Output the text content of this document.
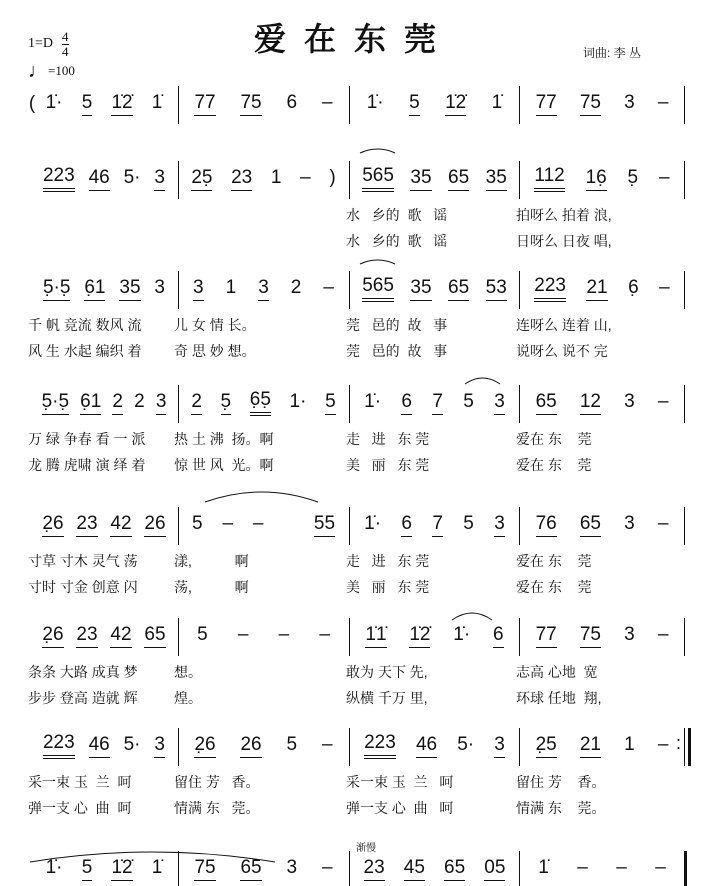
爱在东莞
$1=D \frac{4}{4}$
♩=100
词曲: 李 丛
( 1̇· 5 1̇2̇ 1̇ 77 75 6 – 1̇· 5 1̇2̇ 1̇ 77 75 3 –
223 46 5· 3 25̣ 23 1 – ) 565 35 65 35 112 16̣ 5̣ –
水   乡的  歌   谣	拍呀么 拍着 浪,
水   乡的  歌   谣	日呀么 日夜 唱,
5̣·5̣ 6̣1 35 3 3 1 3 2 – 565 35 65 53 223 21 6̣ –
千 帆 竞流 数风 流 儿 女 情 长。	莞   邑的  故   事	连呀么 连着 山,
风 生 水起 编织 着 奇 思 妙 想。	莞   邑的  故   事	说呀么 说不 完
5̣·5̣ 6̣1 2 2 3 2 5̣ 6̣5̣ 1· 5 1̇· 6 7 5 3 65 12 3 –
万 绿 争春 看 一 派 热 土 沸  扬。啊	走   进   东 莞	爱在 东    莞
龙 腾 虎啸 演 绎 着 惊 世 风  光。啊	美   丽   东 莞	爱在 东    莞
2̣6 23 42 26 5 – –
	55 1̇· 6 7 5 3 76 65 3 –
寸草 寸木 灵气 荡	漾,           啊	走   进   东 莞	爱在 东    莞
寸时 寸金 创意 闪	荡,           啊	美   丽   东 莞	爱在 东    莞
2̣6 23 42 65 5 – – – 1̇1̇ 1̇2̇ 1̇· 6 77 75 3 –
条条 大路 成真 梦	想。	敢为 天下 先,	志高 心地  宽
步步 登高 造就 辉	煌。	纵横 千万 里,	环球 任地  翔,
223 46 5· 3 2̣6 26 5 – 223 46 5· 3 2̣5 21 1 – :
采一束 玉  兰  呵	留住 芳   香。	采一束 玉  兰   呵	留住 芳    香。
弹一支 心  曲  呵	情满 东   莞。	弹一支 心  曲   呵	情满 东    莞。
1̇· 5 1̇2̇ 1̇ 75 65 3 – 23 45 65 05 1̇ – – –
渐慢
